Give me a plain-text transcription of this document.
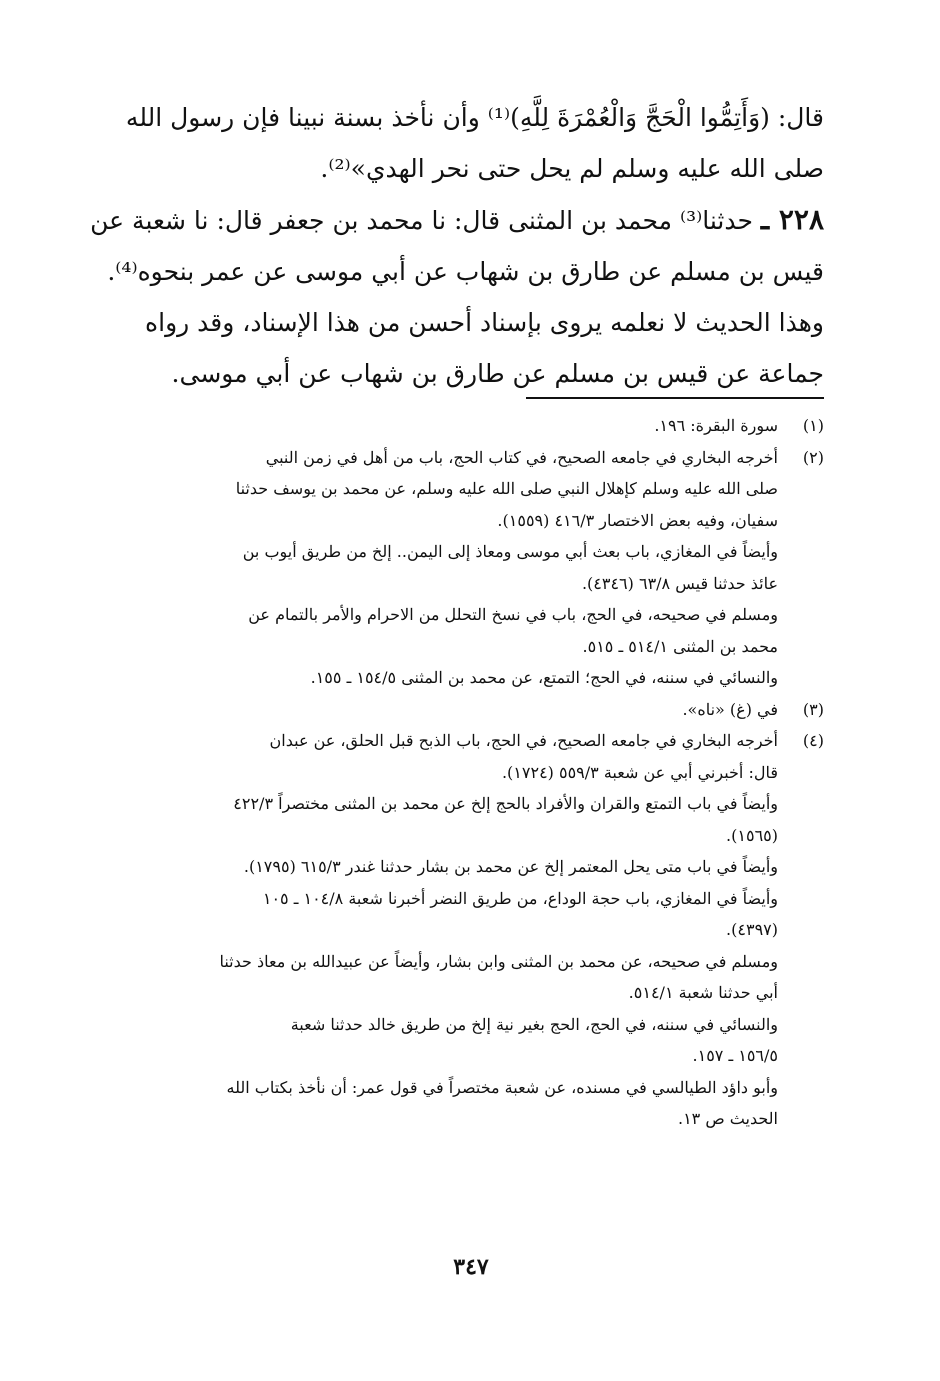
قال: (وَأَتِمُّوا الْحَجَّ وَالْعُمْرَةَ لِلَّهِ)⁽¹⁾ وأن نأخذ بسنة نبينا فإن رسول الله
صلى الله عليه وسلم لم يحل حتى نحر الهدي»⁽²⁾.
٢٢٨ ـ حدثنا⁽³⁾ محمد بن المثنى قال: نا محمد بن جعفر قال: نا شعبة عن
قيس بن مسلم عن طارق بن شهاب عن أبي موسى عن عمر بنحوه⁽⁴⁾.
وهذا الحديث لا نعلمه يروى بإسناد أحسن من هذا الإسناد، وقد رواه
جماعة عن قيس بن مسلم عن طارق بن شهاب عن أبي موسى.
(١)
سورة البقرة: ١٩٦.
(٢)
أخرجه البخاري في جامعه الصحيح، في كتاب الحج، باب من أهل في زمن النبي
صلى الله عليه وسلم كإهلال النبي صلى الله عليه وسلم، عن محمد بن يوسف حدثنا
سفيان، وفيه بعض الاختصار ٤١٦/٣ (١٥٥٩).
وأيضاً في المغازي، باب بعث أبي موسى ومعاذ إلى اليمن.. إلخ من طريق أيوب بن
عائذ حدثنا قيس ٦٣/٨ (٤٣٤٦).
ومسلم في صحيحه، في الحج، باب في نسخ التحلل من الاحرام والأمر بالتمام عن
محمد بن المثنى ٥١٤/١ ـ ٥١٥.
والنسائي في سننه، في الحج؛ التمتع، عن محمد بن المثنى ١٥٤/٥ ـ ١٥٥.
(٣)
في (غ) «ناه».
(٤)
أخرجه البخاري في جامعه الصحيح، في الحج، باب الذبح قبل الحلق، عن عبدان
قال: أخبرني أبي عن شعبة ٥٥٩/٣ (١٧٢٤).
وأيضاً في باب التمتع والقران والأفراد بالحج إلخ عن محمد بن المثنى مختصراً ٤٢٢/٣
(١٥٦٥).
وأيضاً في باب متى يحل المعتمر إلخ عن محمد بن بشار حدثنا غندر ٦١٥/٣ (١٧٩٥).
وأيضاً في المغازي، باب حجة الوداع، من طريق النضر أخبرنا شعبة ١٠٤/٨ ـ ١٠٥
(٤٣٩٧).
ومسلم في صحيحه، عن محمد بن المثنى وابن بشار، وأيضاً عن عبيدالله بن معاذ حدثنا
أبي حدثنا شعبة ٥١٤/١.
والنسائي في سننه، في الحج، الحج بغير نية إلخ من طريق خالد حدثنا شعبة
١٥٦/٥ ـ ١٥٧.
وأبو داؤد الطيالسي في مسنده، عن شعبة مختصراً في قول عمر: أن نأخذ بكتاب الله
الحديث ص ١٣.
٣٤٧
